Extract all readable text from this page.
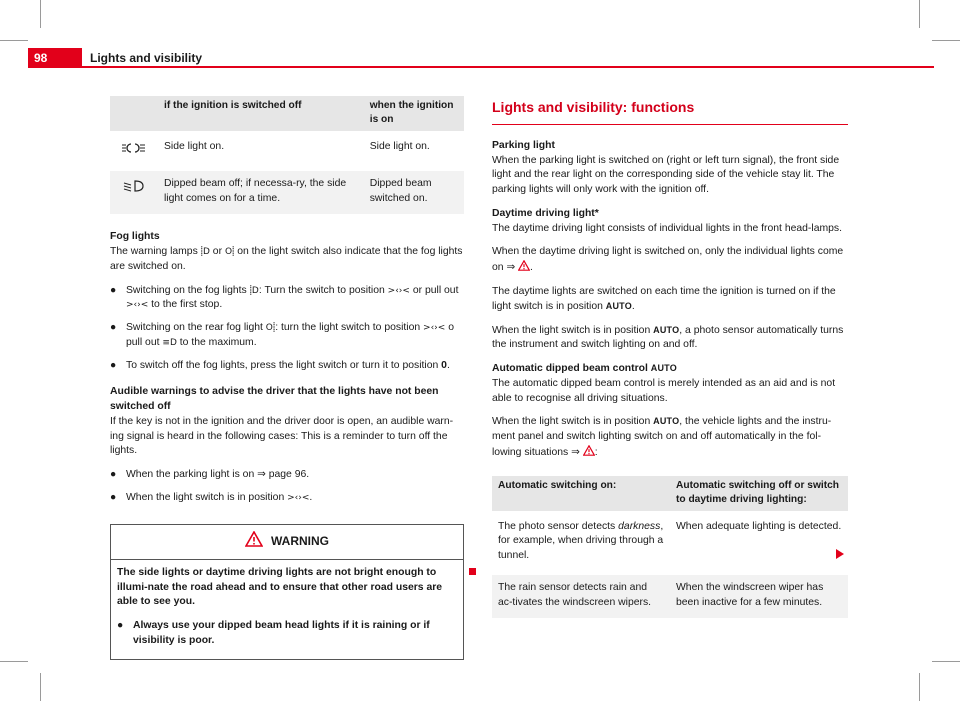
98	Lights and visibility
	if the ignition is switched off	when the ignition is on
	Side light on.	Side light on.
	Dipped beam off; if necessa-ry, the side light comes on for a time.	Dipped beam switched on.

Fog lights

The warning lamps ⸽D or O⸽ on the light switch also indicate that the fog lights are switched on.

● Switching on the fog lights ⸽D: Turn the switch to position >‹›< or pull out >‹›< to the first stop.
● Switching on the rear fog light O⸽: turn the light switch to position >‹›< o pull out ≡D to the maximum.
● To switch off the fog lights, press the light switch or turn it to position 0.

Audible warnings to advise the driver that the lights have not been switched off

If the key is not in the ignition and the driver door is open, an audible warn-ing signal is heard in the following cases: This is a reminder to turn off the lights.

● When the parking light is on ⇒ page 96.
● When the light switch is in position >‹›<.
WARNING

The side lights or daytime driving lights are not bright enough to illumi-nate the road ahead and to ensure that other road users are able to see you.

● Always use your dipped beam head lights if it is raining or if visibility is poor.
Lights and visibility: functions

Parking light

When the parking light is switched on (right or left turn signal), the front side light and the rear light on the corresponding side of the vehicle stay lit. The parking lights will only work with the ignition off.

Daytime driving light*

The daytime driving light consists of individual lights in the front head-lamps.

When the daytime driving light is switched on, only the individual lights come on ⇒ .

The daytime lights are switched on each time the ignition is turned on if the light switch is in position AUTO.

When the light switch is in position AUTO, a photo sensor automatically turns the instrument and switch lighting on and off.

Automatic dipped beam control AUTO

The automatic dipped beam control is merely intended as an aid and is not able to recognise all driving situations.

When the light switch is in position AUTO, the vehicle lights and the instru-ment panel and switch lighting switch on and off automatically in the fol-lowing situations ⇒ :

Automatic switching on:	Automatic switching off or switch to daytime driving lighting:
The photo sensor detects darkness, for example, when driving through a tunnel.	When adequate lighting is detected.
The rain sensor detects rain and ac-tivates the windscreen wipers.	When the windscreen wiper has been inactive for a few minutes.
